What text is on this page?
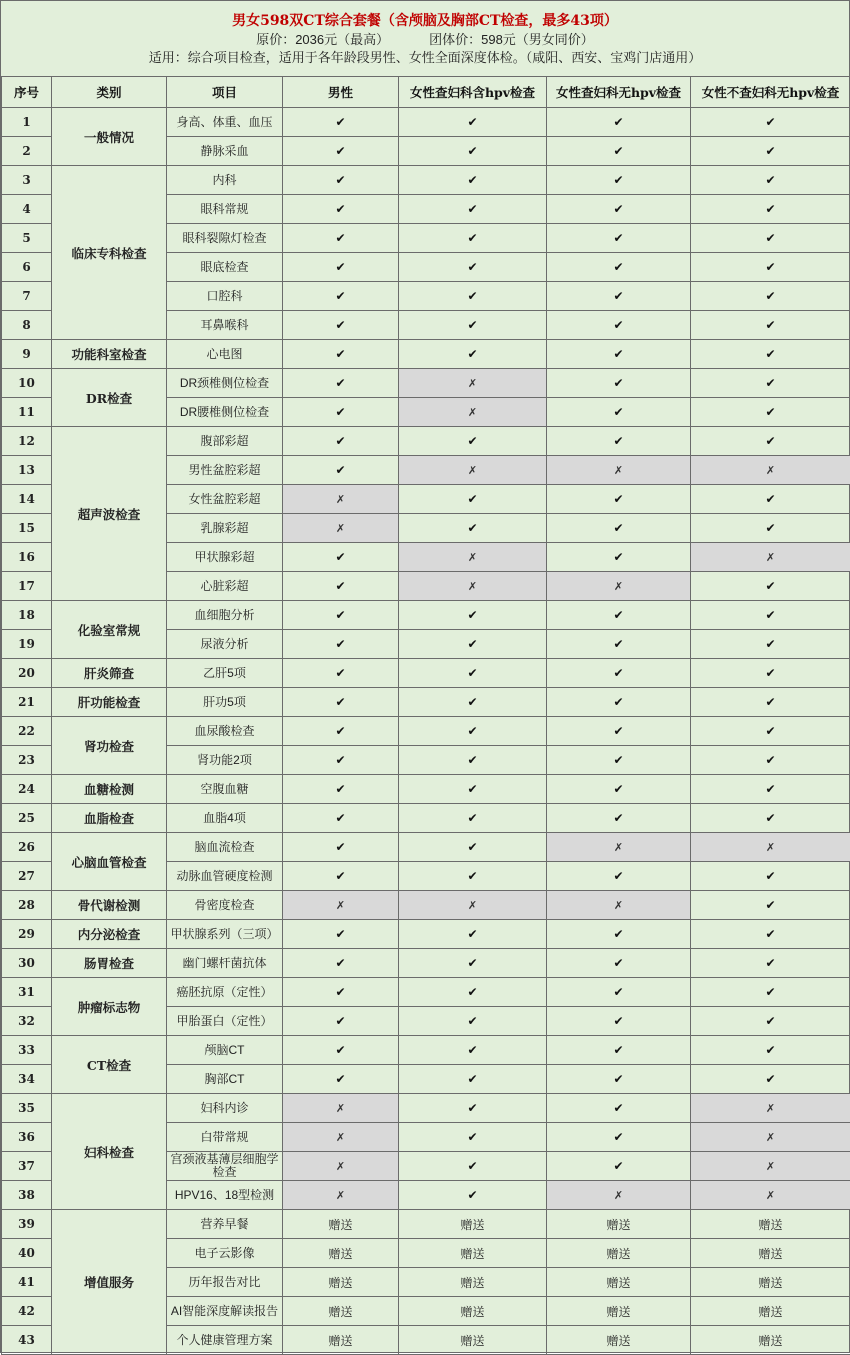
男女598双CT综合套餐（含颅脑及胸部CT检查，最多43项）
原价：2036元（最高）	团体价：598元（男女同价）
适用：综合项目检查，适用于各年龄段男性、女性全面深度体检。（咸阳、西安、宝鸡门店通用）
序号	类别	项目	男性	女性查妇科含hpv检查	女性查妇科无hpv检查	女性不查妇科无hpv检查
1	一般情况	身高、体重、血压	✔	✔	✔	✔
2		静脉采血	✔	✔	✔	✔
3	临床专科检查	内科	✔	✔	✔	✔
4		眼科常规	✔	✔	✔	✔
5		眼科裂隙灯检查	✔	✔	✔	✔
6		眼底检查	✔	✔	✔	✔
7		口腔科	✔	✔	✔	✔
8		耳鼻喉科	✔	✔	✔	✔
9	功能科室检查	心电图	✔	✔	✔	✔
10	DR检查	DR颈椎侧位检查	✔	✗	✔	✔
11		DR腰椎侧位检查	✔	✗	✔	✔
12	超声波检查	腹部彩超	✔	✔	✔	✔
13		男性盆腔彩超	✔	✗	✗	✗
14		女性盆腔彩超	✗	✔	✔	✔
15		乳腺彩超	✗	✔	✔	✔
16		甲状腺彩超	✔	✗	✔	✗
17		心脏彩超	✔	✗	✗	✔
18	化验室常规	血细胞分析	✔	✔	✔	✔
19		尿液分析	✔	✔	✔	✔
20	肝炎筛查	乙肝5项	✔	✔	✔	✔
21	肝功能检查	肝功5项	✔	✔	✔	✔
22	肾功检查	血尿酸检查	✔	✔	✔	✔
23		肾功能2项	✔	✔	✔	✔
24	血糖检测	空腹血糖	✔	✔	✔	✔
25	血脂检查	血脂4项	✔	✔	✔	✔
26	心脑血管检查	脑血流检查	✔	✔	✗	✗
27		动脉血管硬度检测	✔	✔	✔	✔
28	骨代谢检测	骨密度检查	✗	✗	✗	✔
29	内分泌检查	甲状腺系列（三项）	✔	✔	✔	✔
30	肠胃检查	幽门螺杆菌抗体	✔	✔	✔	✔
31	肿瘤标志物	癌胚抗原（定性）	✔	✔	✔	✔
32		甲胎蛋白（定性）	✔	✔	✔	✔
33	CT检查	颅脑CT	✔	✔	✔	✔
34		胸部CT	✔	✔	✔	✔
35	妇科检查	妇科内诊	✗	✔	✔	✗
36		白带常规	✗	✔	✔	✗
37		宫颈液基薄层细胞学检查	✗	✔	✔	✗
38		HPV16、18型检测	✗	✔	✗	✗
39	增值服务	营养早餐	赠送	赠送	赠送	赠送
40		电子云影像	赠送	赠送	赠送	赠送
41		历年报告对比	赠送	赠送	赠送	赠送
42		AI智能深度解读报告	赠送	赠送	赠送	赠送
43		个人健康管理方案	赠送	赠送	赠送	赠送
